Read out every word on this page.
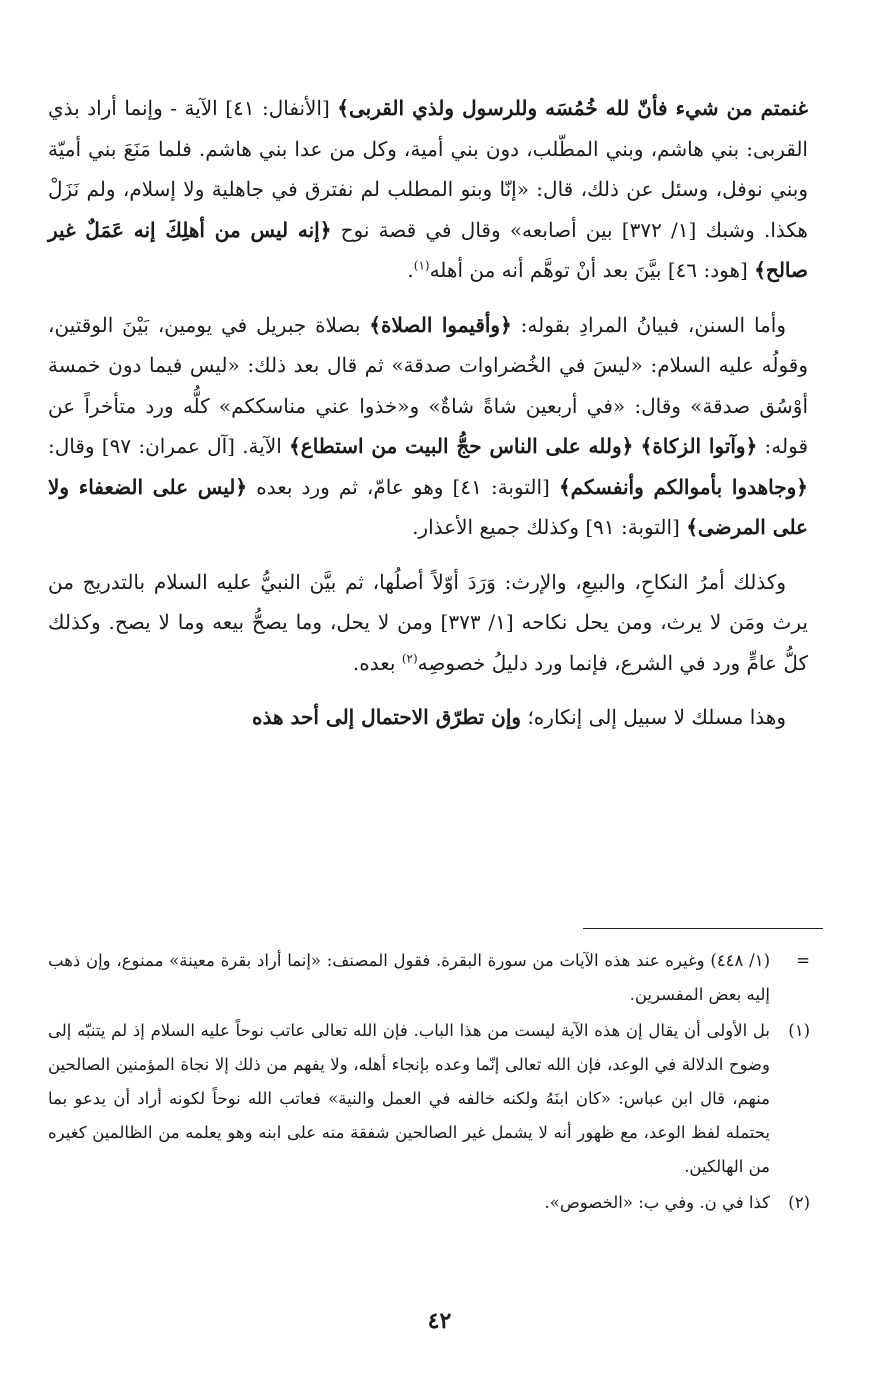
غنمتم من شيء فأنّ لله خُمُسَه وللرسول ولذي القربى﴾ [الأنفال: ٤١] الآية - وإنما أراد بذي القربى: بني هاشم، وبني المطّلب، دون بني أمية، وكل من عدا بني هاشم. فلما مَنَعَ بني أميّة وبني نوفل، وسئل عن ذلك، قال: «إنّا وبنو المطلب لم نفترق في جاهلية ولا إسلام، ولم نَزَلْ هكذا. وشبك [١/ ٣٧٢] بين أصابعه» وقال في قصة نوح ﴿إنه ليس من أهلِكَ إنه عَمَلٌ غير صالح﴾ [هود: ٤٦] بيَّنَ بعد أنْ توهَّم أنه من أهله$^{(١)}$.

وأما السنن، فبيانُ المرادِ بقوله: ﴿وأقيموا الصلاة﴾ بصلاة جبريل في يومين، بَيْنَ الوقتين، وقولُه عليه السلام: «ليسَ في الخُضراوات صدقة» ثم قال بعد ذلك: «ليس فيما دون خمسة أوْسُق صدقة» وقال: «في أربعين شاةً شاةٌ» و«خذوا عني مناسككم» كلُّه ورد متأخراً عن قوله: ﴿وآتوا الزكاة﴾ ﴿ولله على الناس حجُّ البيت من استطاع﴾ الآية. [آل عمران: ٩٧] وقال: ﴿وجاهدوا بأموالكم وأنفسكم﴾ [التوبة: ٤١] وهو عامّ، ثم ورد بعده ﴿ليس على الضعفاء ولا على المرضى﴾ [التوبة: ٩١] وكذلك جميع الأعذار.

وكذلك أمرُ النكاحِ، والبيعِ، والإرث: وَرَدَ أوّلاً أصلُها، ثم بيَّن النبيُّ عليه السلام بالتدريج من يرث ومَن لا يرث، ومن يحل نكاحه [١/ ٣٧٣] ومن لا يحل، وما يصحُّ بيعه وما لا يصح. وكذلك كلُّ عامٍّ ورد في الشرع، فإنما ورد دليلُ خصوصِه$^{(٢)}$ بعده.

وهذا مسلك لا سبيل إلى إنكاره؛ وإن تطرّق الاحتمال إلى أحد هذه

=
(١/ ٤٤٨) وغيره عند هذه الآيات من سورة البقرة. فقول المصنف: «إنما أراد بقرة معينة» ممنوع، وإن ذهب إليه بعض المفسرين.
(١)
بل الأولى أن يقال إن هذه الآية ليست من هذا الباب. فإن الله تعالى عاتب نوحاً عليه السلام إذ لم يتنبّه إلى وضوح الدلالة في الوعد، فإن الله تعالى إنّما وعده بإنجاء أهله، ولا يفهم من ذلك إلا نجاة المؤمنين الصالحين منهم، قال ابن عباس: «كان ابنَهُ ولكنه خالفه في العمل والنية» فعاتب الله نوحاً لكونه أراد أن يدعو بما يحتمله لفظ الوعد، مع ظهور أنه لا يشمل غير الصالحين شفقة منه على ابنه وهو يعلمه من الظالمين كغيره من الهالكين.
(٢)
كذا في ن. وفي ب: «الخصوص».
٤٢
